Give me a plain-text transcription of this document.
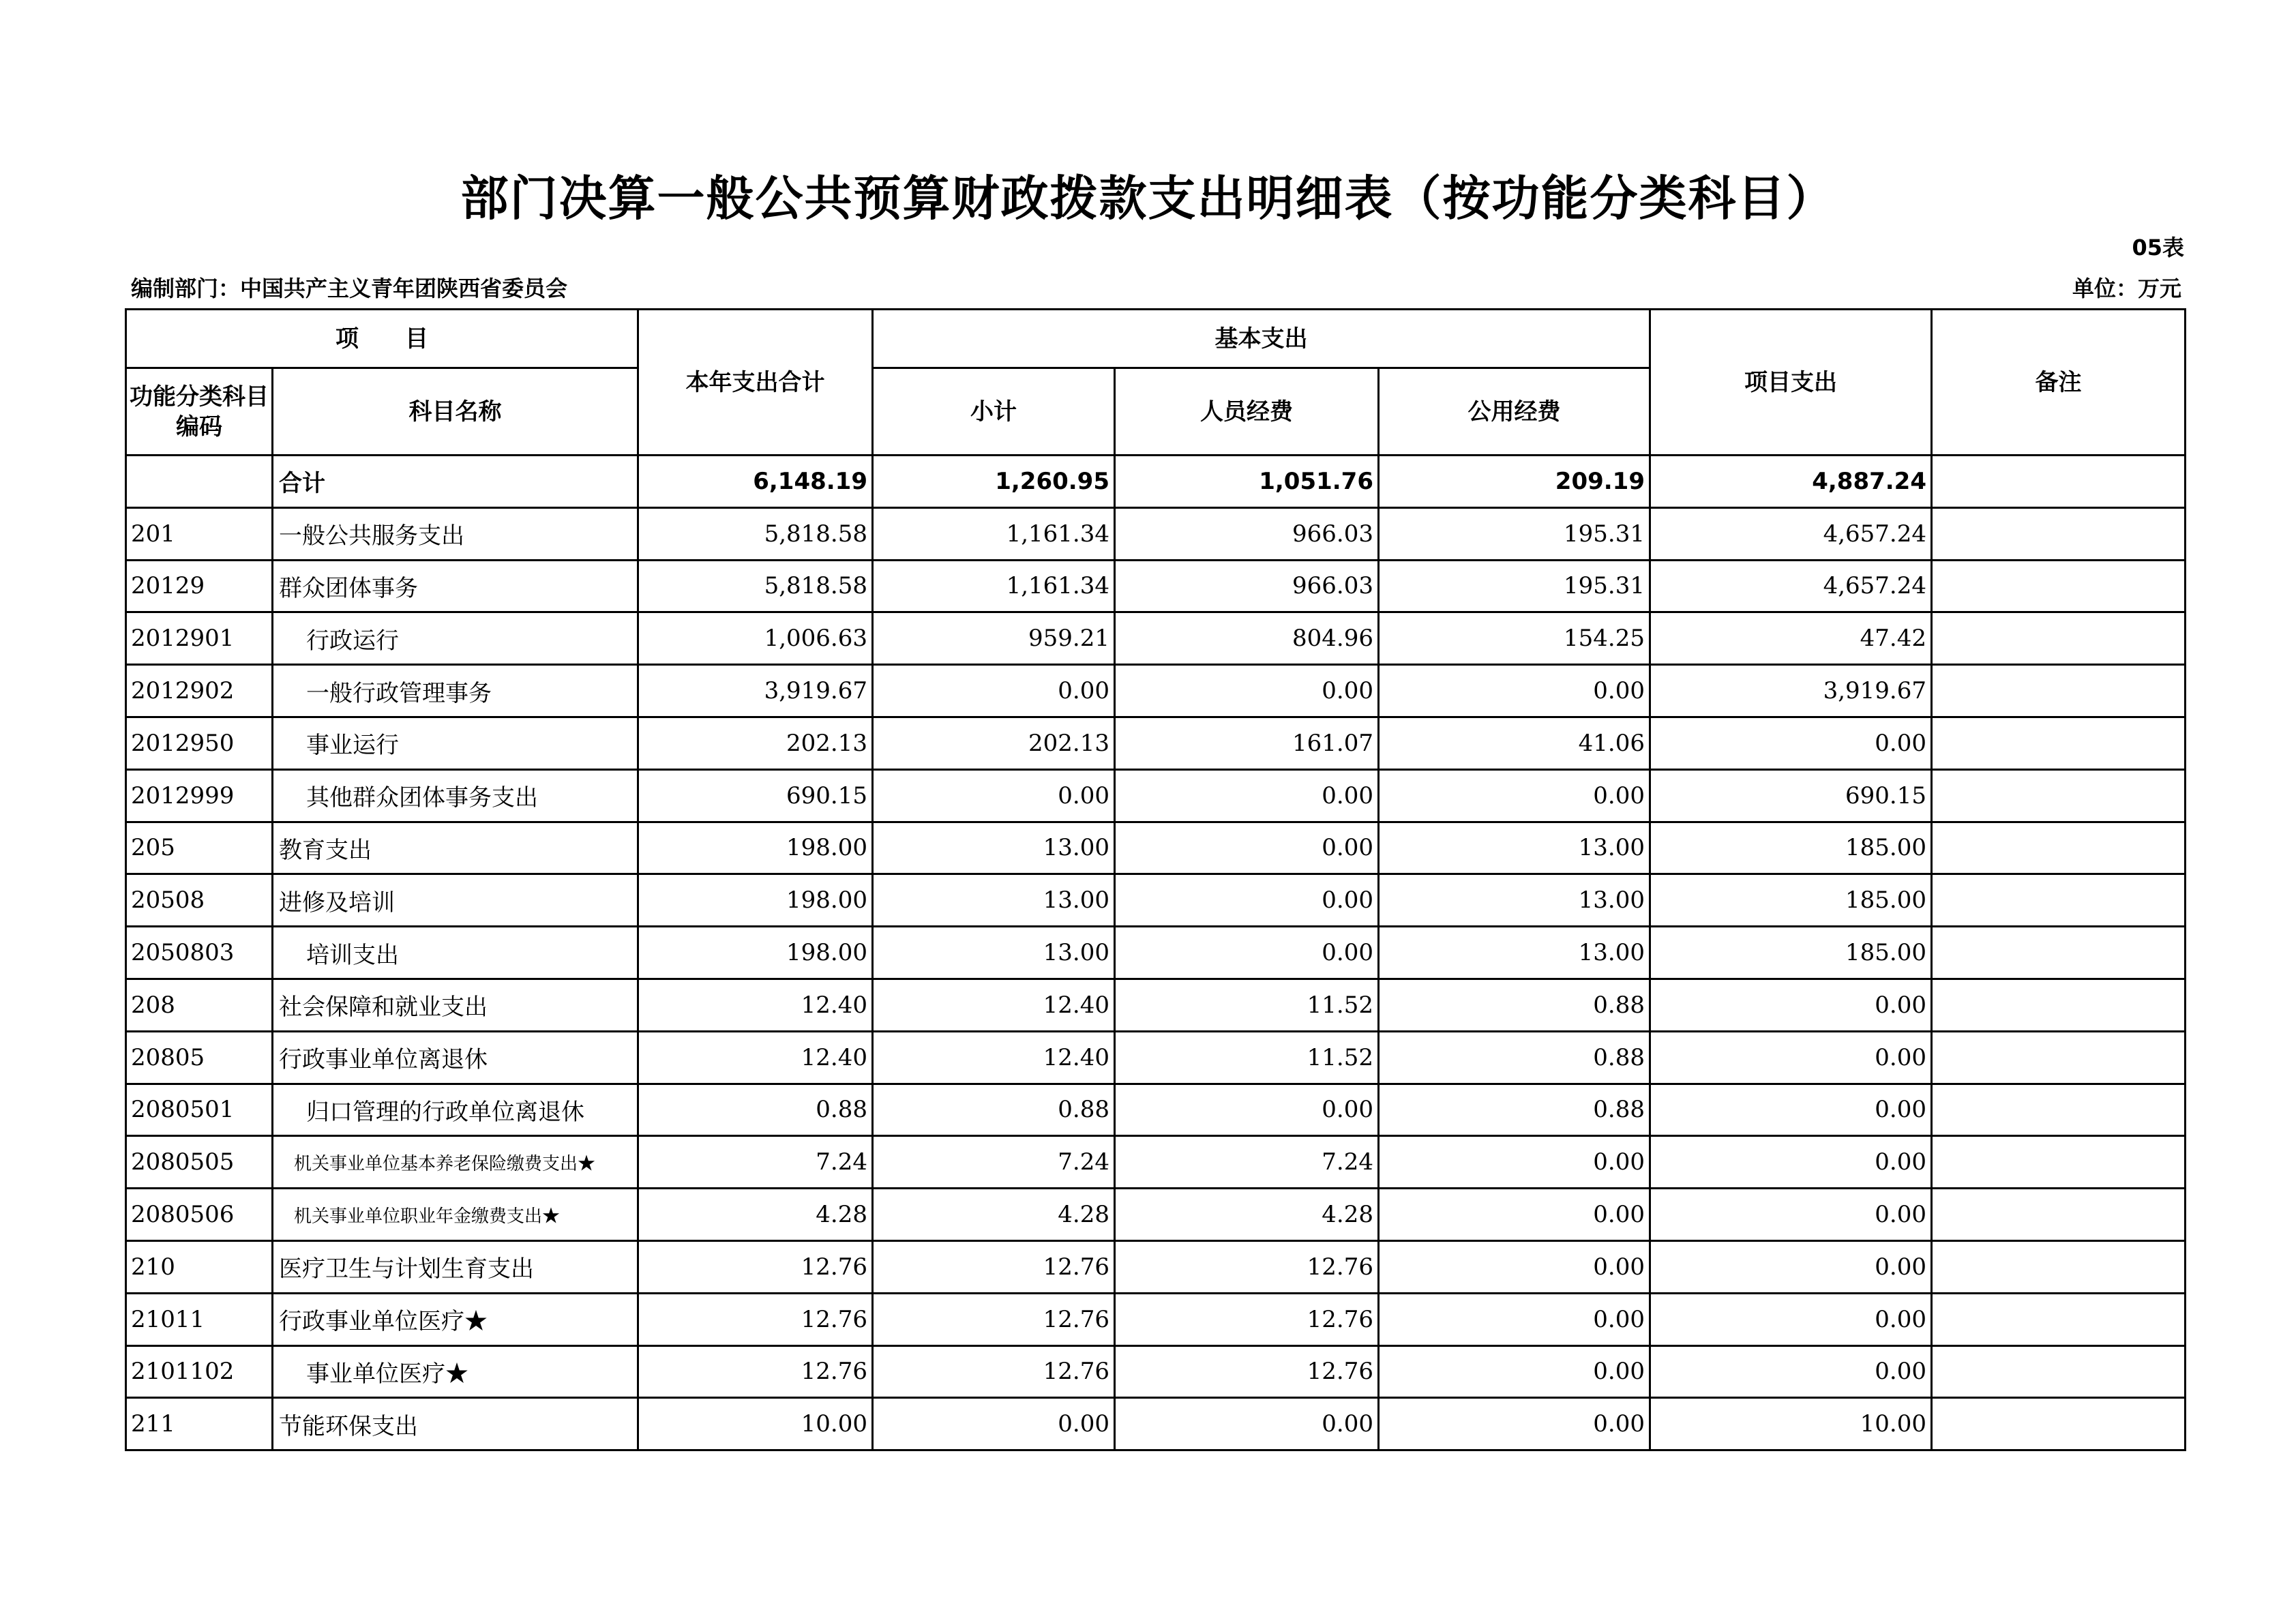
部门决算一般公共预算财政拨款支出明细表（按功能分类科目）
05表
编制部门：中国共产主义青年团陕西省委员会	单位：万元
项　　目		本年支出合计	基本支出			项目支出	备注
功能分类科目编码	科目名称		小计	人员经费	公用经费		
	合计	6,148.19	1,260.95	1,051.76	209.19	4,887.24	
201	一般公共服务支出	5,818.58	1,161.34	966.03	195.31	4,657.24	
20129	群众团体事务	5,818.58	1,161.34	966.03	195.31	4,657.24	
2012901	行政运行	1,006.63	959.21	804.96	154.25	47.42	
2012902	一般行政管理事务	3,919.67	0.00	0.00	0.00	3,919.67	
2012950	事业运行	202.13	202.13	161.07	41.06	0.00	
2012999	其他群众团体事务支出	690.15	0.00	0.00	0.00	690.15	
205	教育支出	198.00	13.00	0.00	13.00	185.00	
20508	进修及培训	198.00	13.00	0.00	13.00	185.00	
2050803	培训支出	198.00	13.00	0.00	13.00	185.00	
208	社会保障和就业支出	12.40	12.40	11.52	0.88	0.00	
20805	行政事业单位离退休	12.40	12.40	11.52	0.88	0.00	
2080501	归口管理的行政单位离退休	0.88	0.88	0.00	0.88	0.00	
2080505	机关事业单位基本养老保险缴费支出★	7.24	7.24	7.24	0.00	0.00	
2080506	机关事业单位职业年金缴费支出★	4.28	4.28	4.28	0.00	0.00	
210	医疗卫生与计划生育支出	12.76	12.76	12.76	0.00	0.00	
21011	行政事业单位医疗★	12.76	12.76	12.76	0.00	0.00	
2101102	事业单位医疗★	12.76	12.76	12.76	0.00	0.00	
211	节能环保支出	10.00	0.00	0.00	0.00	10.00	
